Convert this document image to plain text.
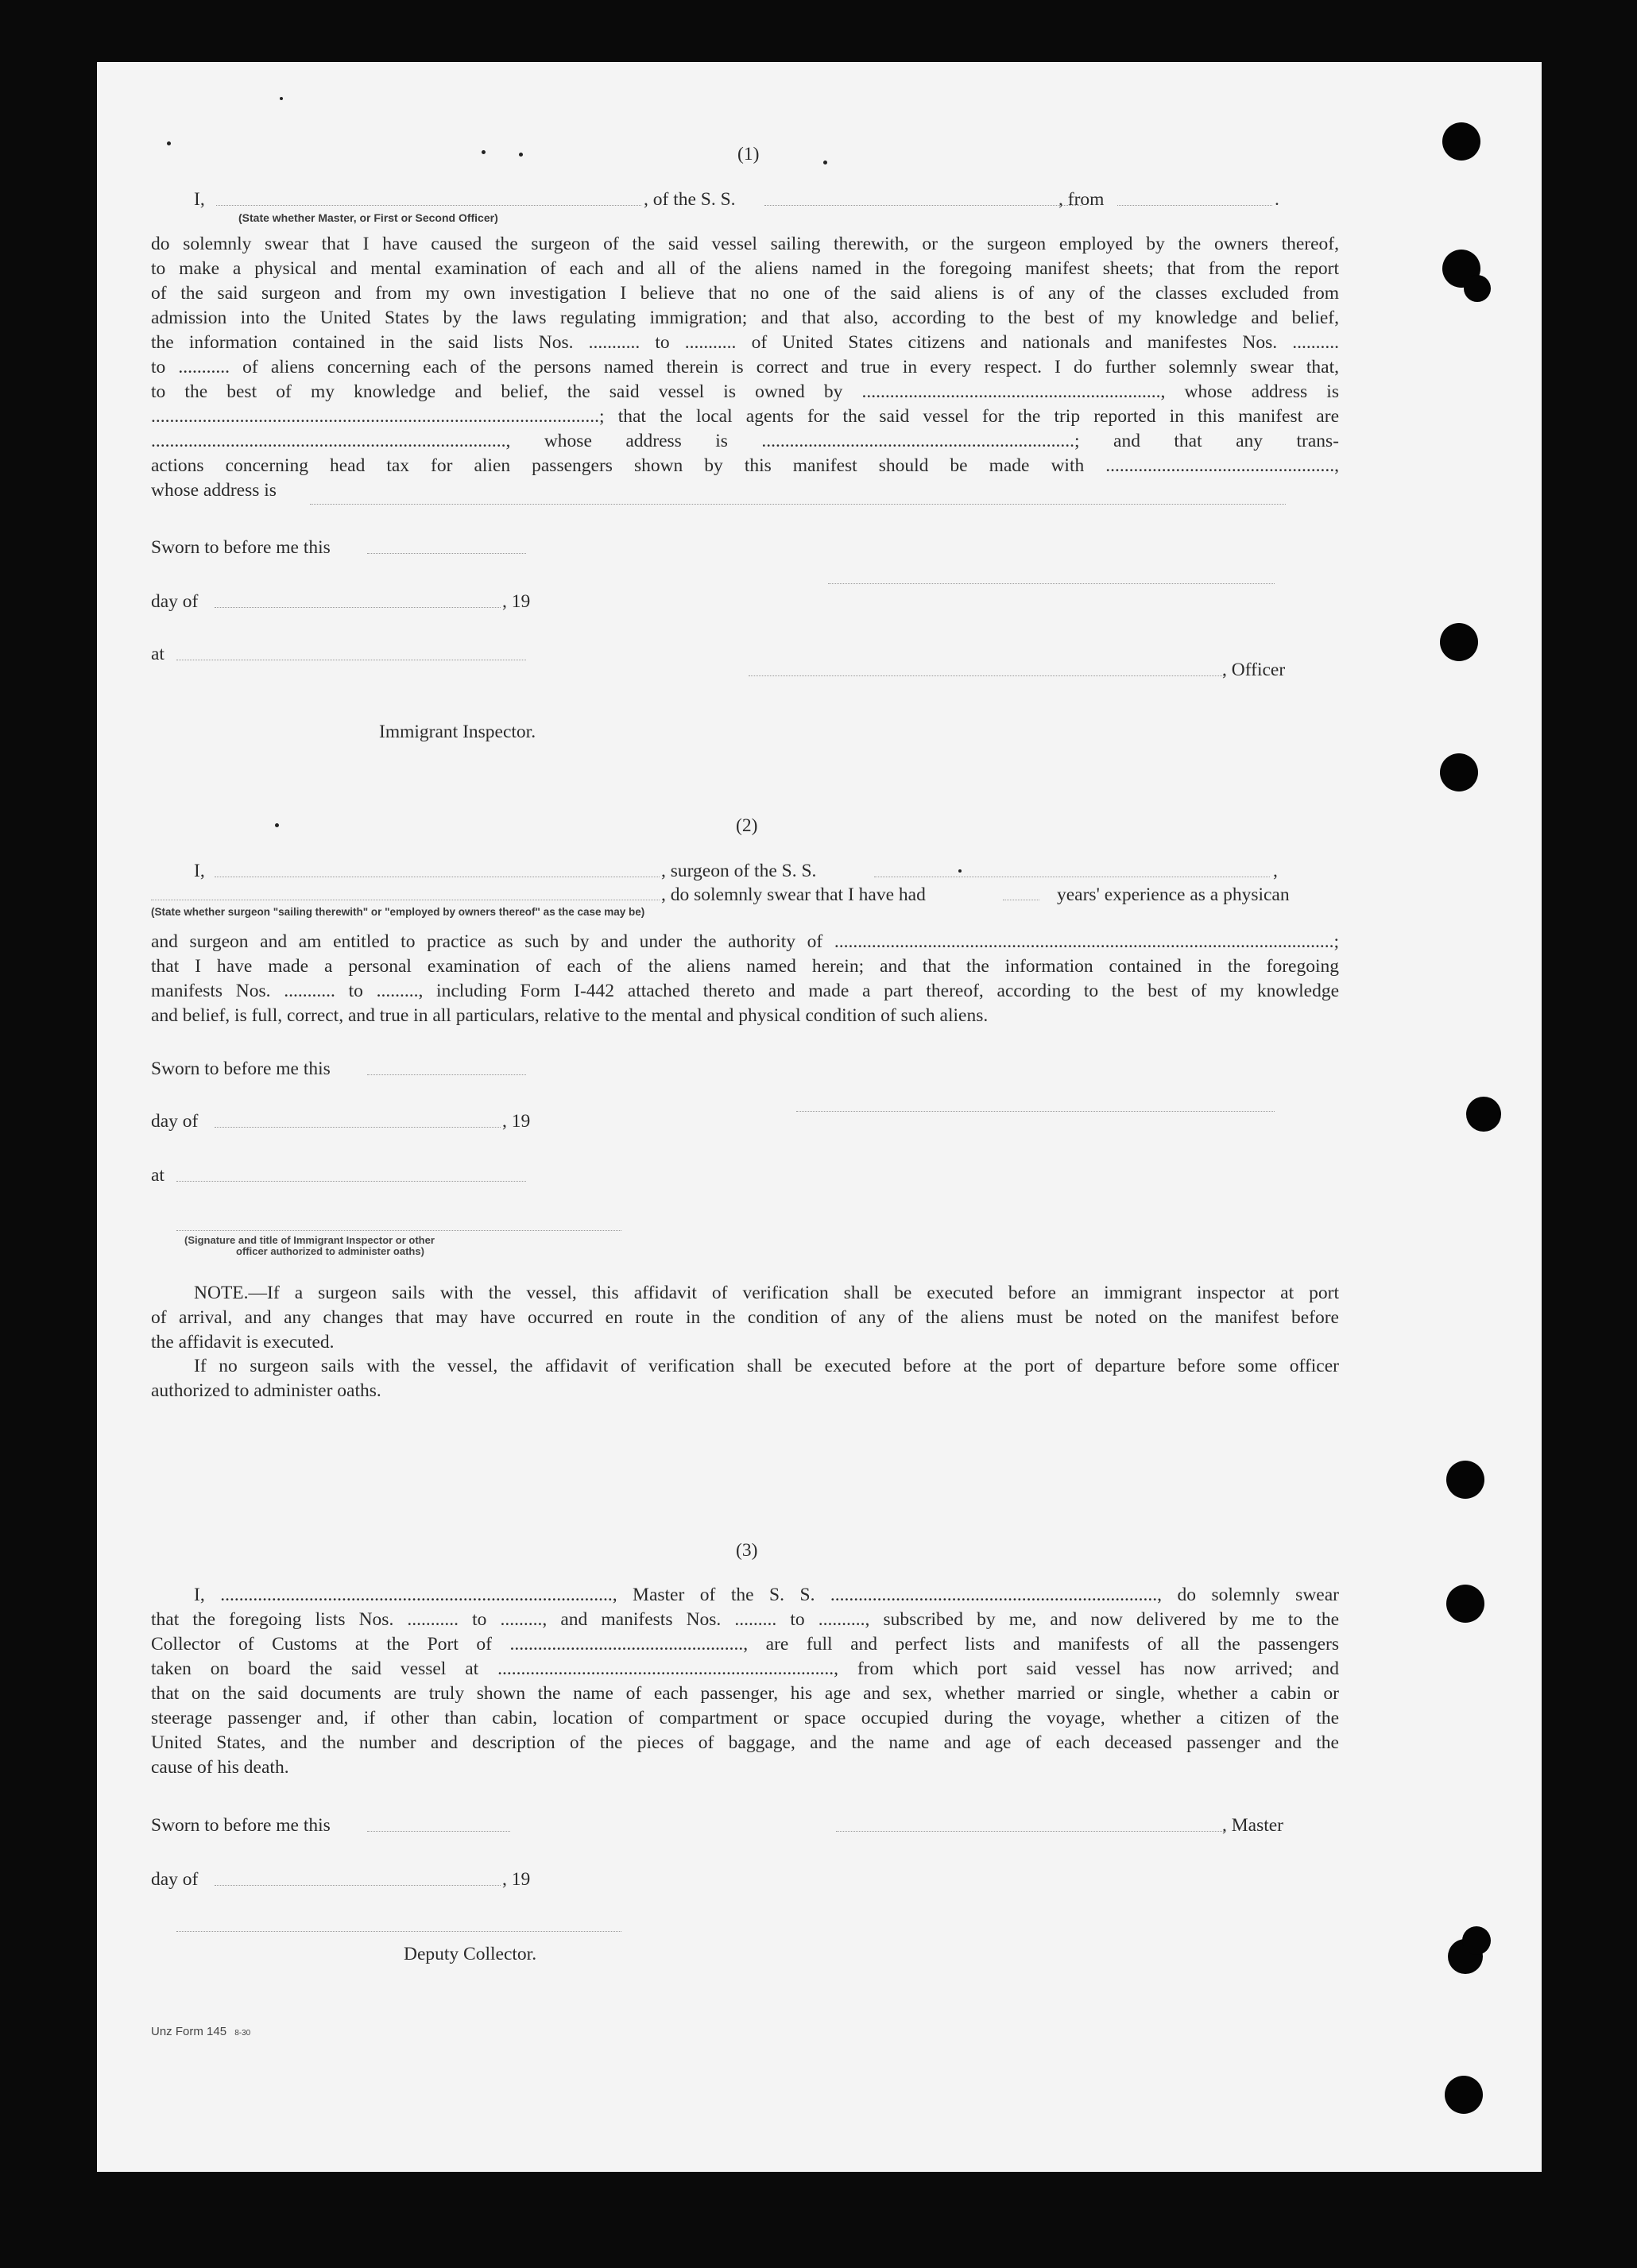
(1)
I,	, of the S. S.	, from	.
(State whether Master, or First or Second Officer)
do solemnly swear that I have caused the surgeon of the said vessel sailing therewith, or the surgeon employed by the owners thereof,
to make a physical and mental examination of each and all of the aliens named in the foregoing manifest sheets; that from the report
of the said surgeon and from my own investigation I believe that no one of the said aliens is of any of the classes excluded from
admission into the United States by the laws regulating immigration; and that also, according to the best of my knowledge and belief,
the information contained in the said lists Nos. ........... to ........... of United States citizens and nationals and manifestes Nos. ..........
to ........... of aliens concerning each of the persons named therein is correct and true in every respect. I do further solemnly swear that,
to the best of my knowledge and belief, the said vessel is owned by ................................................................, whose address is
................................................................................................; that the local agents for the said vessel for the trip reported in this manifest are
............................................................................, whose address is ...................................................................; and that any trans-
actions concerning head tax for alien passengers shown by this manifest should be made with .................................................,
whose address is
Sworn to before me this
day of	, 19
at
, Officer
Immigrant Inspector.
(2)
I,	, surgeon of the S. S.	,
, do solemnly swear that I have had	years' experience as a physican
(State whether surgeon "sailing therewith" or "employed by owners thereof" as the case may be)
and surgeon and am entitled to practice as such by and under the authority of ...........................................................................................................;
that I have made a personal examination of each of the aliens named herein; and that the information contained in the foregoing
manifests Nos. ........... to ........., including Form I-442 attached thereto and made a part thereof, according to the best of my knowledge
and belief, is full, correct, and true in all particulars, relative to the mental and physical condition of such aliens.
Sworn to before me this
day of	, 19
at
(Signature and title of Immigrant Inspector or other
officer authorized to administer oaths)
NOTE.—If a surgeon sails with the vessel, this affidavit of verification shall be executed before an immigrant inspector at port
of arrival, and any changes that may have occurred en route in the condition of any of the aliens must be noted on the manifest before
the affidavit is executed.
If no surgeon sails with the vessel, the affidavit of verification shall be executed before at the port of departure before some officer
authorized to administer oaths.
(3)
I, ...................................................................................., Master of the S. S. ......................................................................, do solemnly swear
that the foregoing lists Nos. ........... to ........., and manifests Nos. ......... to .........., subscribed by me, and now delivered by me to the
Collector of Customs at the Port of .................................................., are full and perfect lists and manifests of all the passengers
taken on board the said vessel at ........................................................................, from which port said vessel has now arrived; and
that on the said documents are truly shown the name of each passenger, his age and sex, whether married or single, whether a cabin or
steerage passenger and, if other than cabin, location of compartment or space occupied during the voyage, whether a citizen of the
United States, and the number and description of the pieces of baggage, and the name and age of each deceased passenger and the
cause of his death.
Sworn to before me this	, Master
day of	, 19
Deputy Collector.
Unz Form 145 8-30
